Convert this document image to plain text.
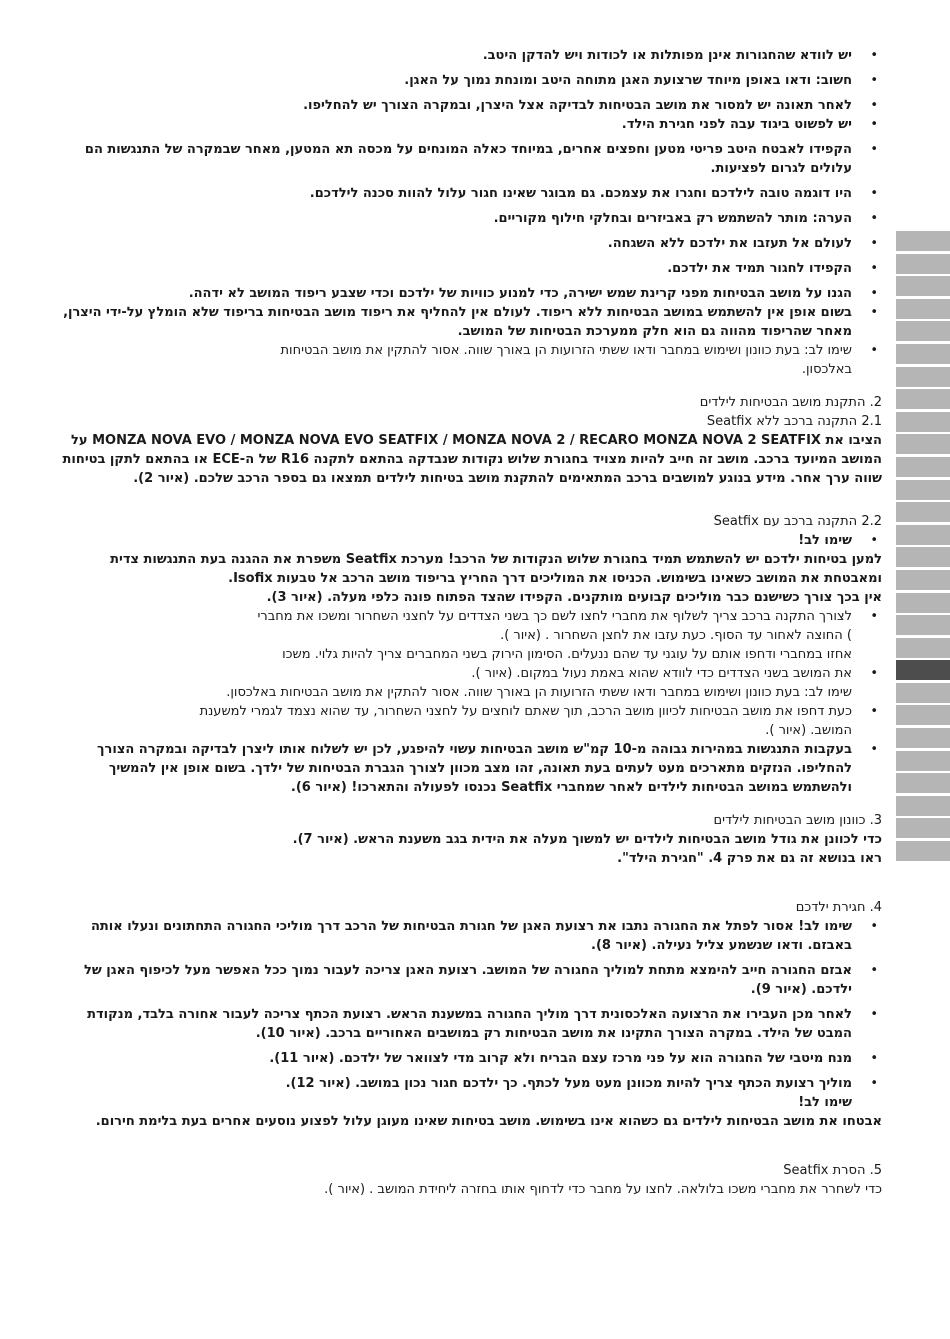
• יש לוודא שהחגורות אינן מפותלות או לכודות ויש להדקן היטב.
• חשוב: ודאו באופן מיוחד שרצועת האגן מתוחה היטב ומונחת נמוך על האגן.
• לאחר תאונה יש למסור את מושב הבטיחות לבדיקה אצל היצרן, ובמקרה הצורך יש להחליפו.
• יש לפשוט ביגוד עבה לפני חגירת הילד.
• הקפידו לאבטח היטב פריטי מטען וחפצים אחרים, במיוחד כאלה המונחים על מכסה תא המטען, מאחר שבמקרה של התנגשות הם
עלולים לגרום לפציעות.
• היו דוגמה טובה לילדכם וחגרו את עצמכם. גם מבוגר שאינו חגור עלול להוות סכנה לילדכם.
• הערה: מותר להשתמש רק באביזרים ובחלקי חילוף מקוריים.
• לעולם אל תעזבו את ילדכם ללא השגחה.
• הקפידו לחגור תמיד את ילדכם.
• הגנו על מושב הבטיחות מפני קרינת שמש ישירה, כדי למנוע כוויות של ילדכם וכדי שצבע ריפוד המושב לא ידהה.
• בשום אופן אין להשתמש במושב הבטיחות ללא ריפוד. לעולם אין להחליף את ריפוד מושב הבטיחות בריפוד שלא הומלץ על-ידי היצרן,
מאחר שהריפוד מהווה גם הוא חלק ממערכת הבטיחות של המושב.
• שימו לב: בעת כוונון ושימוש במחבר ודאו ששתי הזרועות הן באורך שווה. אסור להתקין את מושב הבטיחות
באלכסון.
2. התקנת מושב הבטיחות לילדים
2.1 התקנה ברכב ללא Seatfix
הציבו את MONZA NOVA EVO / MONZA NOVA EVO SEATFIX / MONZA NOVA 2 / RECARO MONZA NOVA 2 SEATFIX על
המושב המיועד ברכב. מושב זה חייב להיות מצויד בחגורת שלוש נקודות שנבדקה בהתאם לתקנה R16 של ה-ECE או בהתאם לתקן בטיחות
שווה ערך אחר. מידע בנוגע למושבים ברכב המתאימים להתקנת מושב בטיחות לילדים תמצאו גם בספר הרכב שלכם. (איור 2).
2.2 התקנה ברכב עם Seatfix
• שימו לב!
למען בטיחות ילדכם יש להשתמש תמיד בחגורת שלוש הנקודות של הרכב! מערכת Seatfix משפרת את ההגנה בעת התנגשות צדית
ומאבטחת את המושב כשאינו בשימוש. הכניסו את המוליכים דרך החריץ בריפוד מושב הרכב אל טבעות Isofix.
אין בכך צורך כשישנם כבר מוליכים קבועים מותקנים. הקפידו שהצד הפתוח פונה כלפי מעלה. (איור 3).
• לצורך התקנה ברכב צריך לשלוף את מחברי לחצו לשם כך בשני הצדדים על לחצני השחרור ומשכו את מחברי
) החוצה לאחור עד הסוף. כעת עזבו את לחצן השחרור . (איור ).
אחזו במחברי ודחפו אותם על עוגני עד שהם ננעלים. הסימון הירוק בשני המחברים צריך להיות גלוי. משכו
• את המושב בשני הצדדים כדי לוודא שהוא באמת נעול במקום. (איור ).
שימו לב: בעת כוונון ושימוש במחבר ודאו ששתי הזרועות הן באורך שווה. אסור להתקין את מושב הבטיחות באלכסון.
• כעת דחפו את מושב הבטיחות לכיוון מושב הרכב, תוך שאתם לוחצים על לחצני השחרור, עד שהוא נצמד לגמרי למשענת
המושב. (איור ).
• בעקבות התנגשות במהירות גבוהה מ-10 קמ"ש מושב הבטיחות עשוי להיפגע, לכן יש לשלוח אותו ליצרן לבדיקה ובמקרה הצורך
להחליפו. הנזקים מתארכים מעט לעתים בעת תאונה, זהו מצב מכוון לצורך הגברת הבטיחות של ילדך. בשום אופן אין להמשיך
ולהשתמש במושב הבטיחות לילדים לאחר שמחברי Seatfix נכנסו לפעולה והתארכו! (איור 6).
3. כוונון מושב הבטיחות לילדים
כדי לכוונן את גודל מושב הבטיחות לילדים יש למשוך מעלה את הידית בגב משענת הראש. (איור 7).
ראו בנושא זה גם את פרק 4. "חגירת הילד".
4. חגירת ילדכם
• שימו לב! אסור לפתל את החגורה נתבו את רצועת האגן של חגורת הבטיחות של הרכב דרך מוליכי החגורה התחתונים ונעלו אותה
באבזם. ודאו שנשמע צליל נעילה. (איור 8).
• אבזם החגורה חייב להימצא מתחת למוליך החגורה של המושב. רצועת האגן צריכה לעבור נמוך ככל האפשר מעל לכיפוף האגן של
ילדכם. (איור 9).
• לאחר מכן העבירו את הרצועה האלכסונית דרך מוליך החגורה במשענת הראש. רצועת הכתף צריכה לעבור אחורה בלבד, מנקודת
המבט של הילד. במקרה הצורך התקינו את מושב הבטיחות רק במושבים האחוריים ברכב. (איור 10).
• מנח מיטבי של החגורה הוא על פני מרכז עצם הבריח ולא קרוב מדי לצוואר של ילדכם. (איור 11).
• מוליך רצועת הכתף צריך להיות מכוונן מעט מעל לכתף. כך ילדכם חגור נכון במושב. (איור 12).
שימו לב!
אבטחו את מושב הבטיחות לילדים גם כשהוא אינו בשימוש. מושב בטיחות שאינו מעוגן עלול לפצוע נוסעים אחרים בעת בלימת חירום.
5. הסרת Seatfix
כדי לשחרר את מחברי משכו בלולאה. לחצו על מחבר כדי לדחוף אותו בחזרה ליחידת המושב . (איור ).
